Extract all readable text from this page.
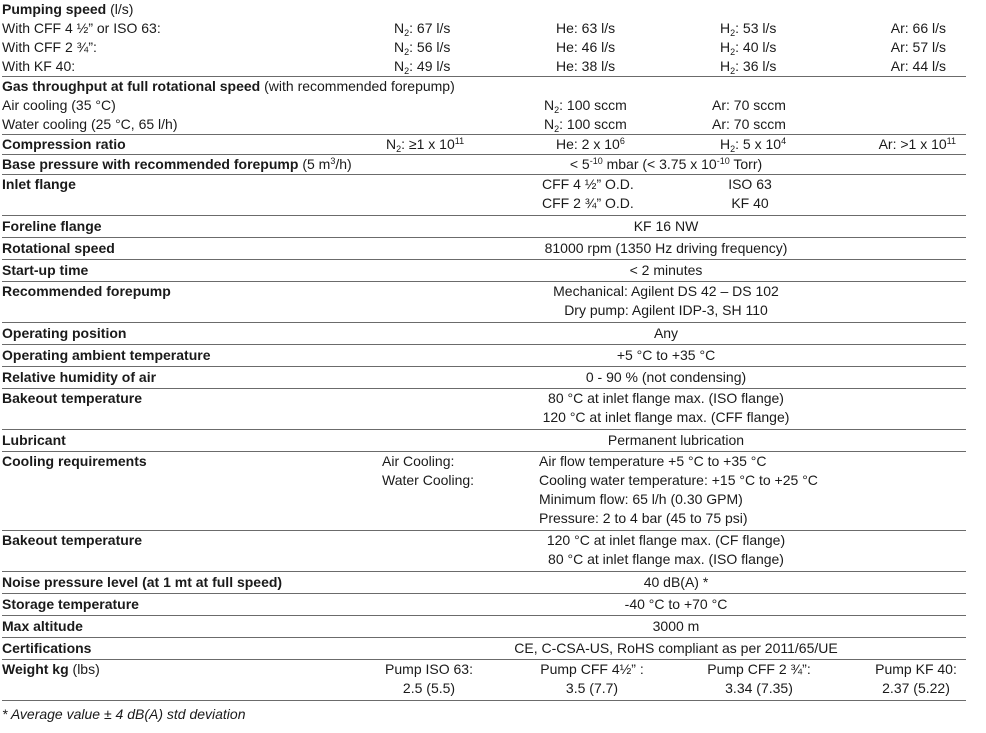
Pumping speed (l/s)
With CFF 4 ½” or ISO 63:	$N_2$: 67 l/s	He: 63 l/s	$H_2$: 53 l/s	Ar: 66 l/s
With CFF 2 ¾”:	$N_2$: 56 l/s	He: 46 l/s	$H_2$: 40 l/s	Ar: 57 l/s
With KF 40:	$N_2$: 49 l/s	He: 38 l/s	$H_2$: 36 l/s	Ar: 44 l/s
Gas throughput at full rotational speed (with recommended forepump)
Air cooling (35 °C)	$N_2$: 100 sccm	Ar: 70 sccm
Water cooling (25 °C, 65 l/h)	$N_2$: 100 sccm	Ar: 70 sccm
Compression ratio	$N_2$: ≥1 x $10^{11}$	He: 2 x $10^6$	$H_2$: 5 x $10^4$	Ar: >1 x $10^{11}$
Base pressure with recommended forepump (5 $m^3/h$)	< $5^{-10}$ mbar (< 3.75 x $10^{-10}$ Torr)
Inlet flange	CFF 4 ½” O.D.	ISO 63
CFF 2 ¾” O.D.	KF 40
Foreline flange	KF 16 NW
Rotational speed	81000 rpm (1350 Hz driving frequency)
Start-up time	< 2 minutes
Recommended forepump	Mechanical: Agilent DS 42 – DS 102
Dry pump: Agilent IDP-3, SH 110
Operating position	Any
Operating ambient temperature	+5 °C to +35 °C
Relative humidity of air	0 - 90 % (not condensing)
Bakeout temperature	80 °C at inlet flange max. (ISO flange)
120 °C at inlet flange max. (CFF flange)
Lubricant	Permanent lubrication
Cooling requirements	Air Cooling:	Air flow temperature +5 °C to +35 °C
Water Cooling:	Cooling water temperature: +15 °C to +25 °C
Minimum flow: 65 l/h (0.30 GPM)
Pressure: 2 to 4 bar (45 to 75 psi)
Bakeout temperature	120 °C at inlet flange max. (CF flange)
80 °C at inlet flange max. (ISO flange)
Noise pressure level (at 1 mt at full speed)	40 dB(A) *
Storage temperature	-40 °C to +70 °C
Max altitude	3000 m
Certifications	CE, C-CSA-US, RoHS compliant as per 2011/65/UE
Weight kg (lbs)	Pump ISO 63:	Pump CFF 4½” :	Pump CFF 2 ¾”:	Pump KF 40:
2.5 (5.5)	3.5 (7.7)	3.34 (7.35)	2.37 (5.22)
* Average value ± 4 dB(A) std deviation
